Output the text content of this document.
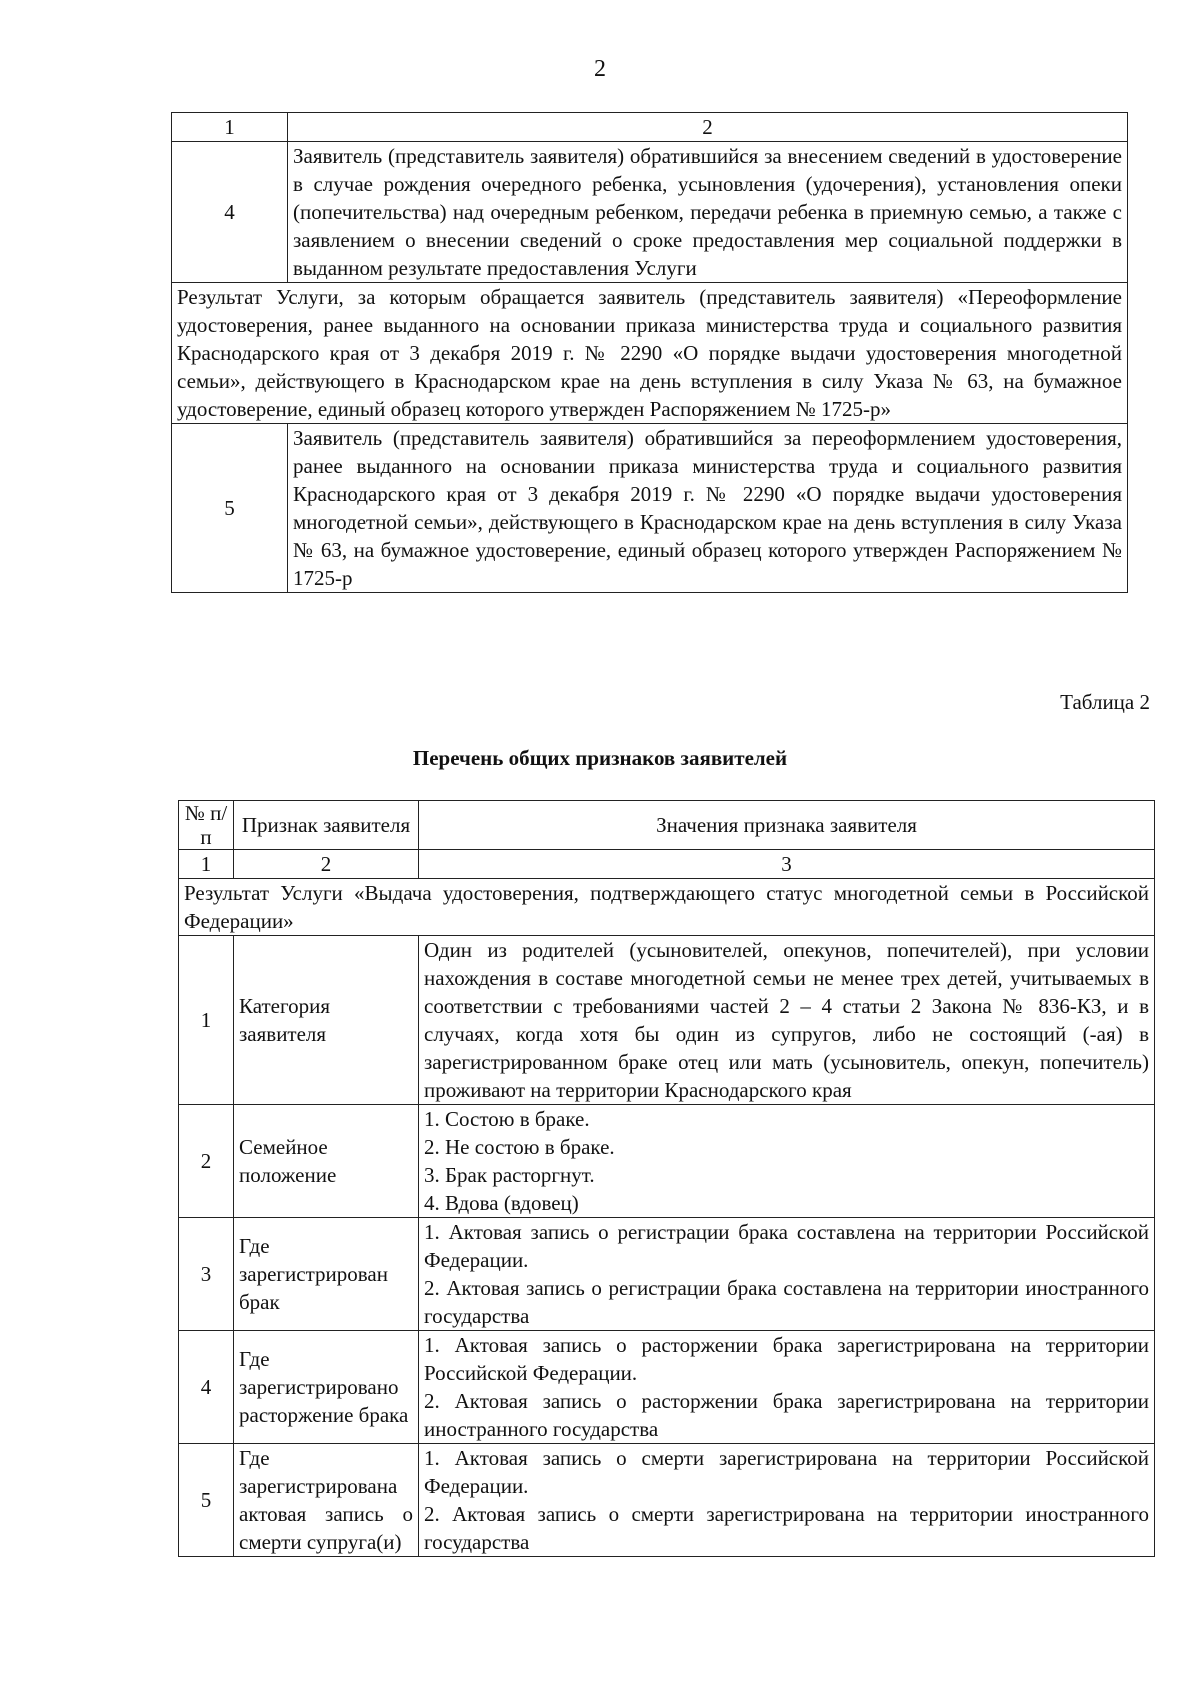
2
1	2
4	Заявитель (представитель заявителя) обратившийся за внесением сведений в удостоверение в случае рождения очередного ребенка, усыновления (удочерения), установления опеки (попечительства) над очередным ребенком, передачи ребенка в приемную семью, а также с заявлением о внесении сведений о сроке предоставления мер социальной поддержки в выданном результате предоставления Услуги
Результат Услуги, за которым обращается заявитель (представитель заявителя) «Переоформление удостоверения, ранее выданного на основании приказа министерства труда и социального развития Краснодарского края от 3 декабря 2019 г. № 2290 «О порядке выдачи удостоверения многодетной семьи», действующего в Краснодарском крае на день вступления в силу Указа № 63, на бумажное удостоверение, единый образец которого утвержден Распоряжением № 1725-р»	
5	Заявитель (представитель заявителя) обратившийся за переоформлением удостоверения, ранее выданного на основании приказа министерства труда и социального развития Краснодарского края от 3 декабря 2019 г. № 2290 «О порядке выдачи удостоверения многодетной семьи», действующего в Краснодарском крае на день вступления в силу Указа № 63, на бумажное удостоверение, единый образец которого утвержден Распоряжением № 1725-р
Таблица 2
Перечень общих признаков заявителей
№ п/п	Признак заявителя	Значения признака заявителя
1	2	3
Результат Услуги «Выдача удостоверения, подтверждающего статус многодетной семьи в Российской Федерации»		
1	Категория заявителя	Один из родителей (усыновителей, опекунов, попечителей), при условии нахождения в составе многодетной семьи не менее трех детей, учитываемых в соответствии с требованиями частей 2 – 4 статьи 2 Закона № 836-КЗ, и в случаях, когда хотя бы один из супругов, либо не состоящий (-ая) в зарегистрированном браке отец или мать (усыновитель, опекун, попечитель) проживают на территории Краснодарского края

2	Семейное положение	1. Состою в браке.
2. Не состою в браке.
3. Брак расторгнут.
4. Вдова (вдовец)

3	Где зарегистрирован брак	1. Актовая запись о регистрации брака составлена на территории Российской Федерации.
2. Актовая запись о регистрации брака составлена на территории иностранного государства

4	Где зарегистрировано расторжение брака	1. Актовая запись о расторжении брака зарегистрирована на территории Российской Федерации.
2. Актовая запись о расторжении брака зарегистрирована на территории иностранного государства

5	Где зарегистрирована актовая запись о смерти супруга(и)	1. Актовая запись о смерти зарегистрирована на территории Российской Федерации.
2. Актовая запись о смерти зарегистрирована на территории иностранного государства
